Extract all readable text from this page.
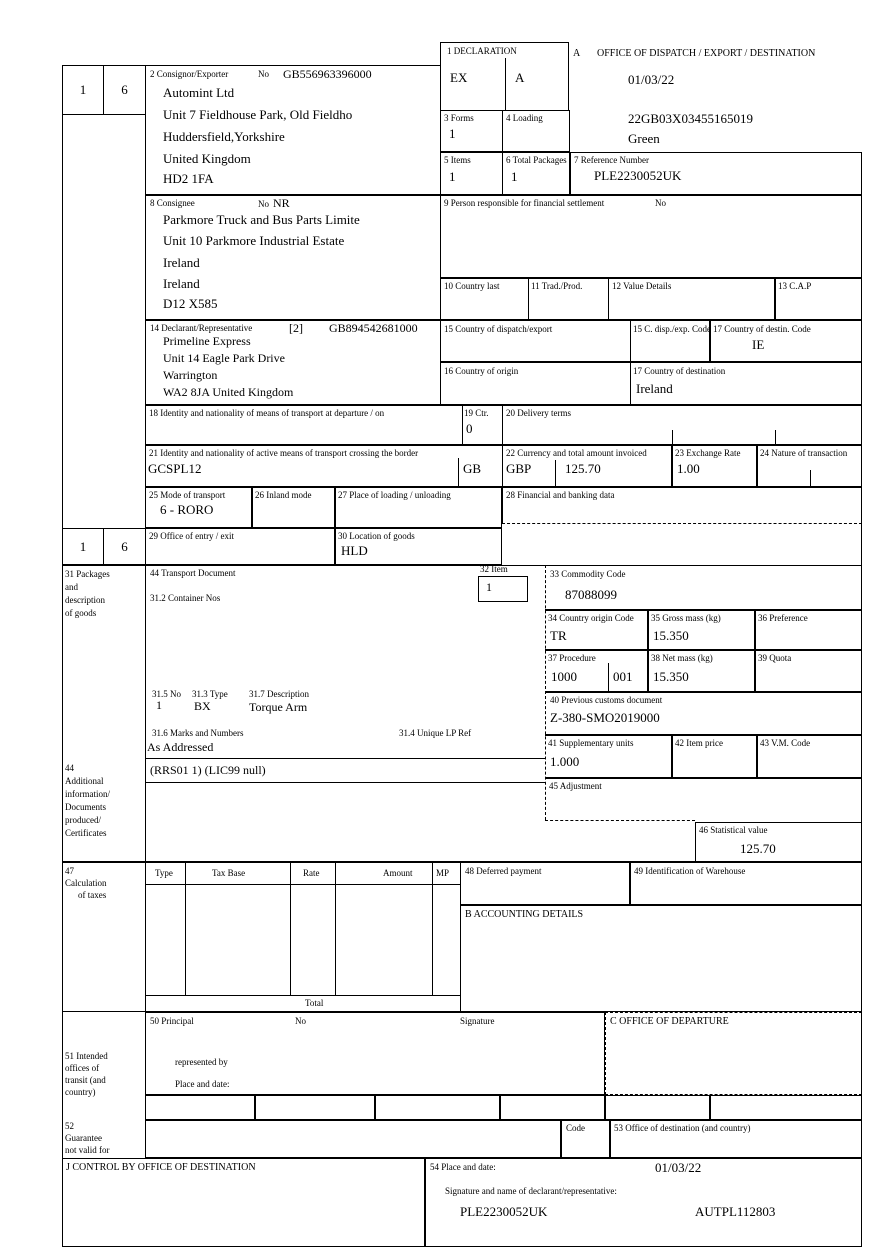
1 DECLARATION
EX	A
A OFFICE OF DISPATCH / EXPORT / DESTINATION
01/03/22
22GB03X03455165019
Green
1	6
1	6
2 Consignor/Exporter	No GB556963396000
Automint Ltd
Unit 7 Fieldhouse Park, Old Fieldho
Huddersfield,Yorkshire
United Kingdom
HD2 1FA
3 Forms
1
4 Loading
5 Items
1
6 Total Packages
1
7 Reference Number
PLE2230052UK
8 Consignee	No NR
Parkmore Truck and Bus Parts Limite
Unit 10 Parkmore Industrial Estate
Ireland
Ireland
D12 X585
9 Person responsible for financial settlement	No
10 Country last	11 Trad./Prod.	12 Value Details	13 C.A.P
14 Declarant/Representative	[2] GB894542681000
Primeline Express
Unit 14 Eagle Park Drive
Warrington
WA2 8JA United Kingdom
15 Country of dispatch/export	15 C. disp./exp. Code 17 Country of destin. Code
IE
16 Country of origin	17 Country of destination
Ireland
18 Identity and nationality of means of transport at departure / on	19 Ctr.
0
20 Delivery terms
21 Identity and nationality of active means of transport crossing the border
GCSPL12	GB
22 Currency and total amount invoiced
GBP	125.70
23 Exchange Rate
1.00
24 Nature of transaction
25 Mode of transport
6 - RORO
26 Inland mode	27 Place of loading / unloading	28 Financial and banking data
29 Office of entry / exit	30 Location of goods
HLD
31 Packages
and
description
of goods
44 Transport Document
31.2 Container Nos
32 Item
1
33 Commodity Code
87088099
34 Country origin Code
TR
35 Gross mass (kg)
15.350
36 Preference
37 Procedure
1000	001
38 Net mass (kg)
15.350
39 Quota
31.5 No 31.3 Type 31.7 Description
1	BX	Torque Arm	40 Previous customs document
Z-380-SMO2019000
31.6 Marks and Numbers	31.4 Unique LP Ref
As Addressed	41 Supplementary units
1.000
42 Item price	43 V.M. Code
(RRS01 1) (LIC99 null)
44
Additional
information/
Documents
produced/
Certificates
45 Adjustment
46 Statistical value
125.70
47
Calculation
of taxes
Type	Tax Base	Rate	Amount	MP
Total
48 Deferred payment	49 Identification of Warehouse
B ACCOUNTING DETAILS
50 Principal	No	Signature
represented by
Place and date:
C OFFICE OF DEPARTURE
51 Intended
offices of
transit (and
country)
52
Guarantee
not valid for
Code	53 Office of destination (and country)
J CONTROL BY OFFICE OF DESTINATION	54 Place and date:	01/03/22
Signature and name of declarant/representative:
PLE2230052UK	AUTPL112803
